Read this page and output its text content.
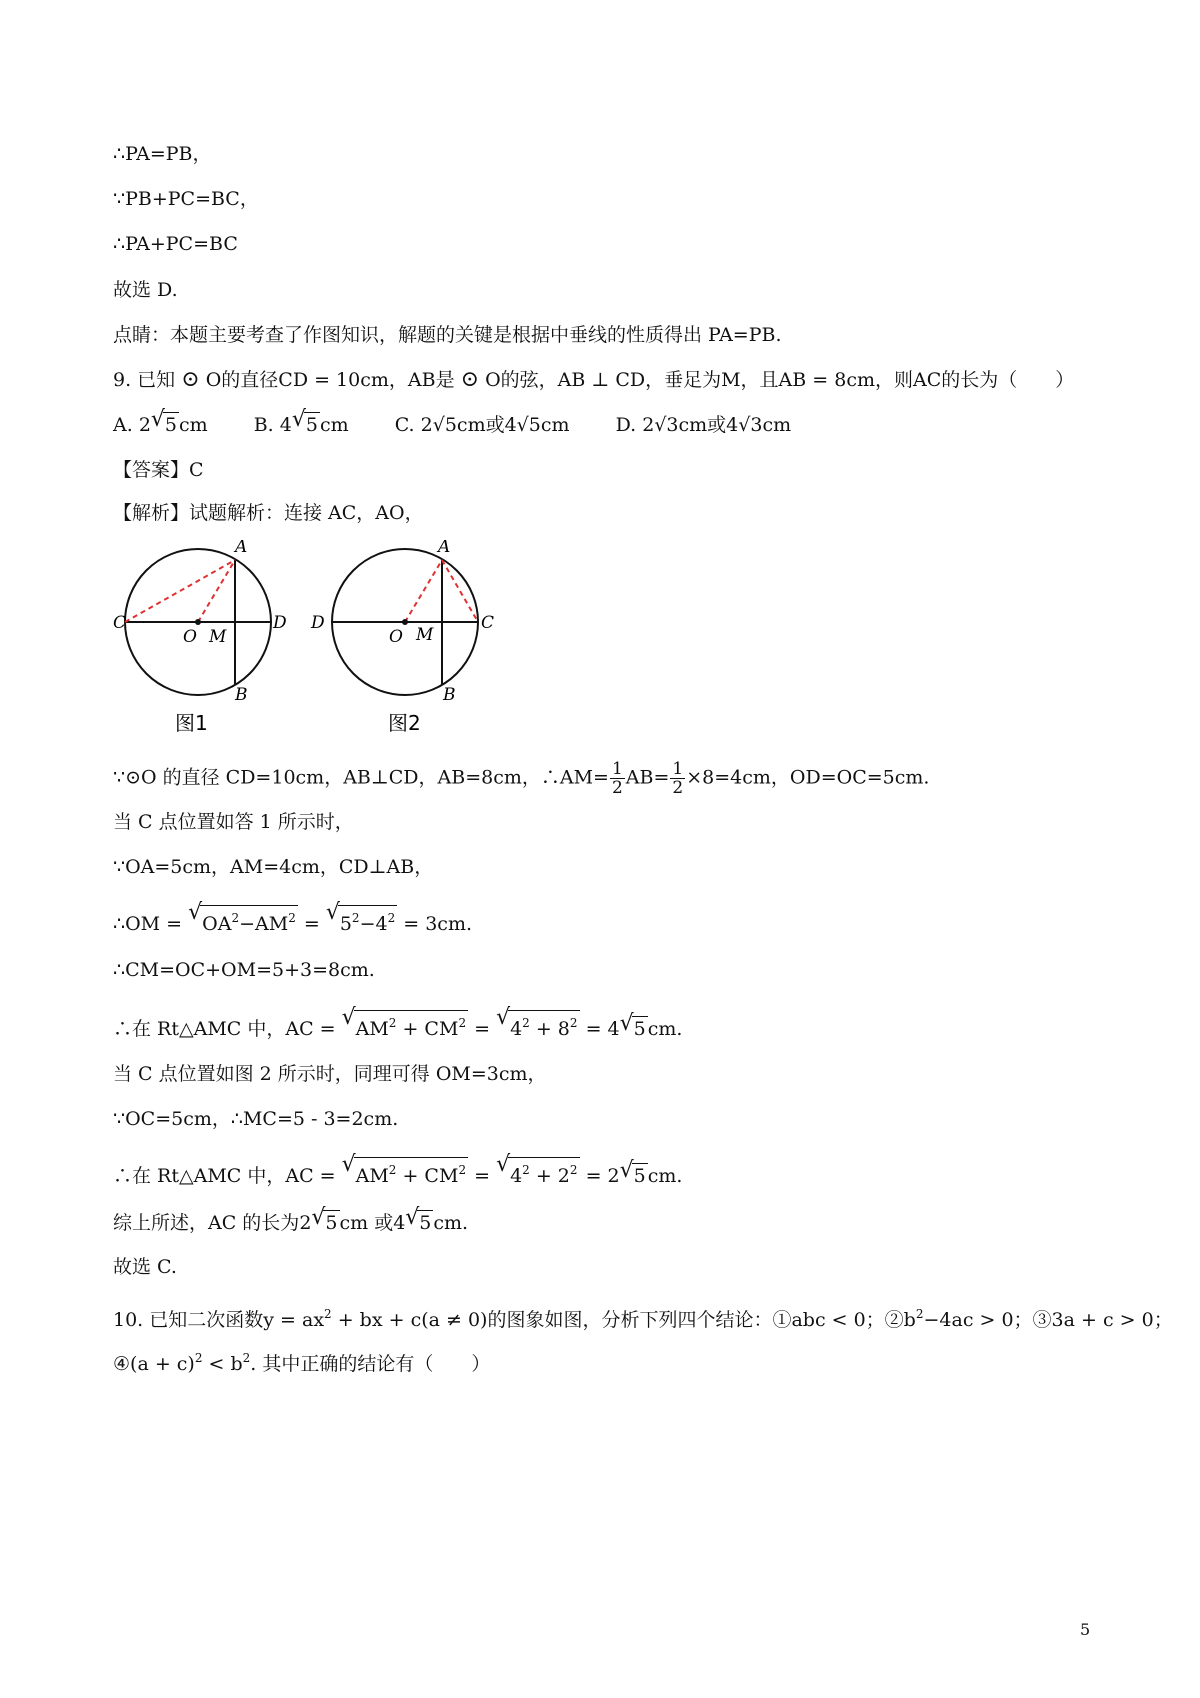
∴PA=PB，
∵PB+PC=BC，
∴PA+PC=BC
故选 D.
点睛：本题主要考查了作图知识，解题的关键是根据中垂线的性质得出 PA=PB.
9. 已知 ⊙ O的直径CD = 10cm，AB是 ⊙ O的弦，AB ⊥ CD，垂足为M，且AB = 8cm，则AC的长为（　　）
A. 2 √ 5 cm B. 4 √ 5 cm C. 2√5cm或4√5cm D. 2√3cm或4√3cm
【答案】C
【解析】试题解析：连接 AC，AO，
A
C	D
O M
B
图1
A
D	C
O M
B
图2
∵⊙O 的直径 CD=10cm，AB⊥CD，AB=8cm，∴AM= $\frac{1}{2} AB= \frac{1}{2} \times 8=4cm$，OD=OC=5cm.
当 C 点位置如答 1 所示时，
∵OA=5cm，AM=4cm，CD⊥AB，
∴OM = √ $OA^2-AM^2$ = √ $5^2-4^2 = 3cm$.
∴CM=OC+OM=5+3=8cm.
∴在 Rt△AMC 中，AC = √ $AM^2 + CM^2$ = √ $4^2 + 8^2 = 4$ √ 5 cm.
当 C 点位置如图 2 所示时，同理可得 OM=3cm，
∵OC=5cm，∴MC=5 - 3=2cm.
∴在 Rt△AMC 中，AC = √ $AM^2 + CM^2$ = √ $4^2 + 2^2 = 2$ √ 5 cm.
综上所述，AC 的长为2 √ 5 cm 或4 √ 5 cm.
故选 C.
10. 已知二次函数$y = ax^2$ + bx + c(a ≠ 0)的图象如图，分析下列四个结论：①abc < 0；$②b^2-4ac > 0$；③3a + c > 0；
④(a + $c)^2 < b^2$. 其中正确的结论有（　　）
5
